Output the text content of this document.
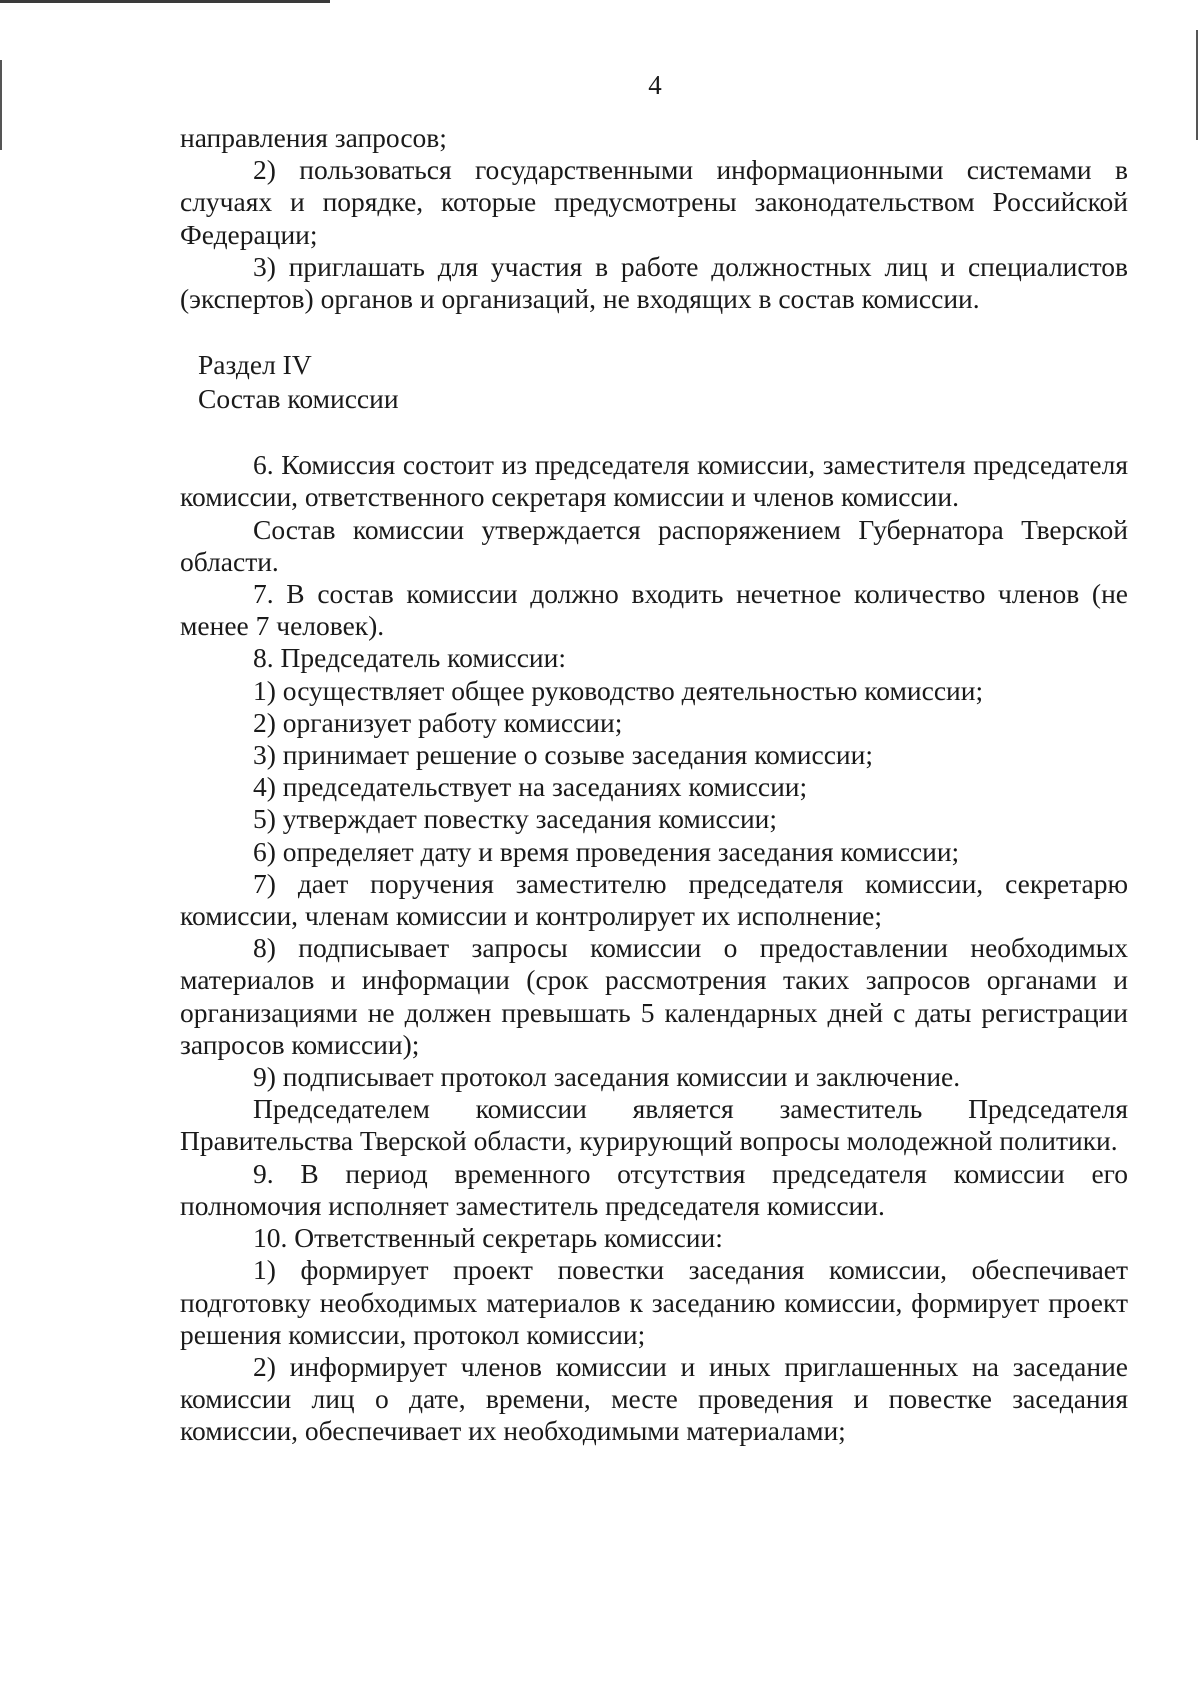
4

направления запросов;

2) пользоваться государственными информационными системами в случаях и порядке, которые предусмотрены законодательством Российской Федерации;

3) приглашать для участия в работе должностных лиц и специалистов (экспертов) органов и организаций, не входящих в состав комиссии.

Раздел IV

Состав комиссии

6. Комиссия состоит из председателя комиссии, заместителя председателя комиссии, ответственного секретаря комиссии и членов комиссии.

Состав комиссии утверждается распоряжением Губернатора Тверской области.

7. В состав комиссии должно входить нечетное количество членов (не менее 7 человек).

8. Председатель комиссии:

1) осуществляет общее руководство деятельностью комиссии;

2) организует работу комиссии;

3) принимает решение о созыве заседания комиссии;

4) председательствует на заседаниях комиссии;

5) утверждает повестку заседания комиссии;

6) определяет дату и время проведения заседания комиссии;

7) дает поручения заместителю председателя комиссии, секретарю комиссии, членам комиссии и контролирует их исполнение;

8) подписывает запросы комиссии о предоставлении необходимых материалов и информации (срок рассмотрения таких запросов органами и организациями не должен превышать 5 календарных дней с даты регистрации запросов комиссии);

9) подписывает протокол заседания комиссии и заключение.

Председателем комиссии является заместитель Председателя Правительства Тверской области, курирующий вопросы молодежной политики.

9. В период временного отсутствия председателя комиссии его полномочия исполняет заместитель председателя комиссии.

10. Ответственный секретарь комиссии:

1) формирует проект повестки заседания комиссии, обеспечивает подготовку необходимых материалов к заседанию комиссии, формирует проект решения комиссии, протокол комиссии;

2) информирует членов комиссии и иных приглашенных на заседание комиссии лиц о дате, времени, месте проведения и повестке заседания комиссии, обеспечивает их необходимыми материалами;
